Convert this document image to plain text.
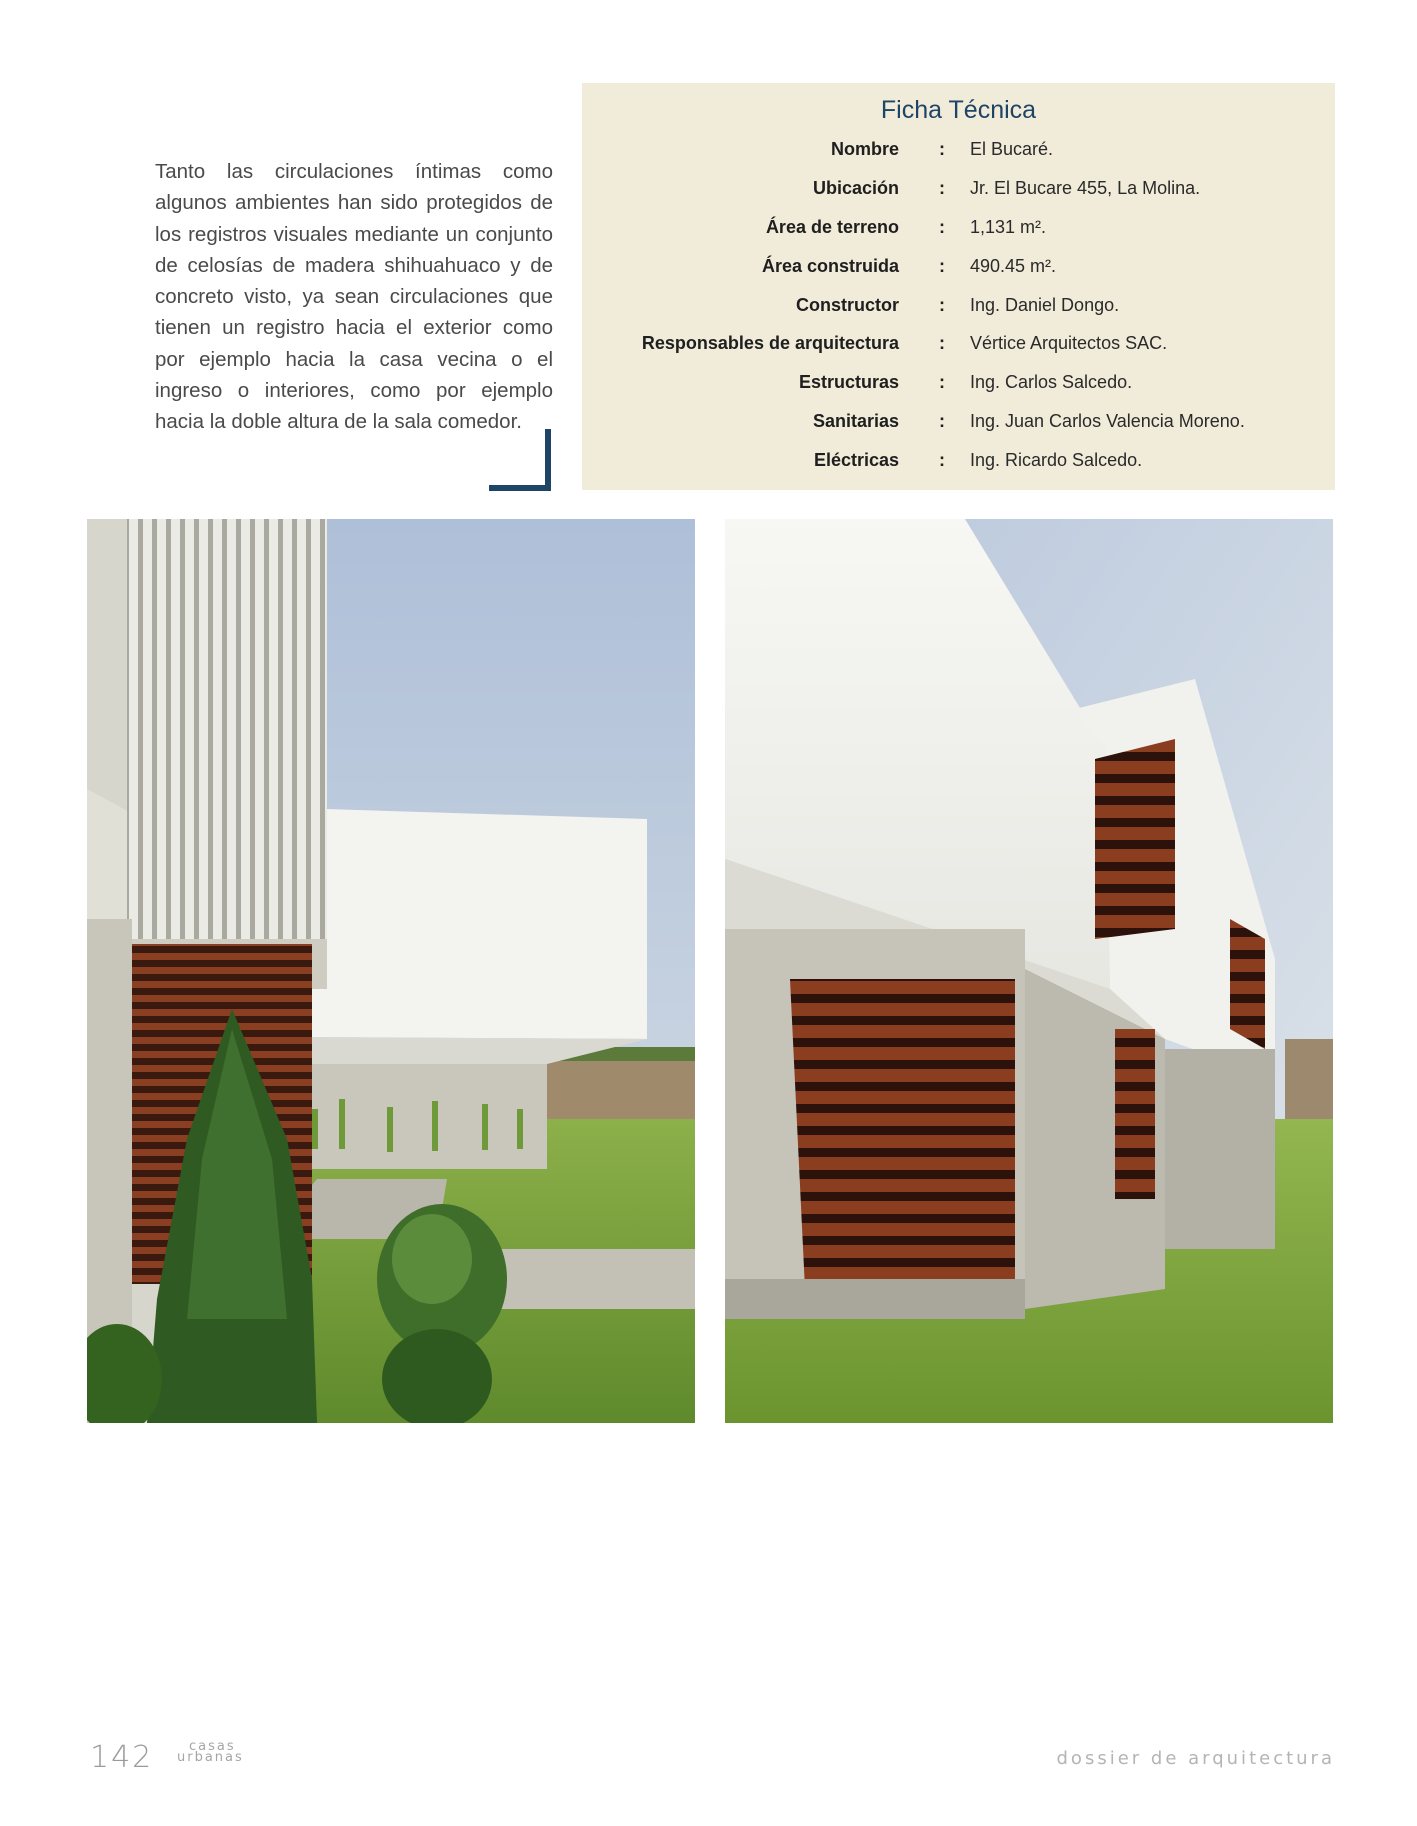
Tanto las circulaciones íntimas como algunos ambientes han sido protegidos de los registros visuales mediante un conjunto de celosías de madera shihuahuaco y de concreto visto, ya sean circulaciones que tienen un registro hacia el exterior como por ejemplo hacia la casa vecina o el ingreso o interiores, como por ejemplo hacia la doble altura de la sala comedor.

Ficha Técnica
Nombre : El Bucaré.
Ubicación : Jr. El Bucare 455, La Molina.
Área de terreno : 1,131 m².
Área construida : 490.45 m².
Constructor : Ing. Daniel Dongo.
Responsables de arquitectura : Vértice Arquitectos SAC.
Estructuras : Ing. Carlos Salcedo.
Sanitarias : Ing. Juan Carlos Valencia Moreno.
Eléctricas : Ing. Ricardo Salcedo.
142	casas
urbanas	dossier de arquitectura
